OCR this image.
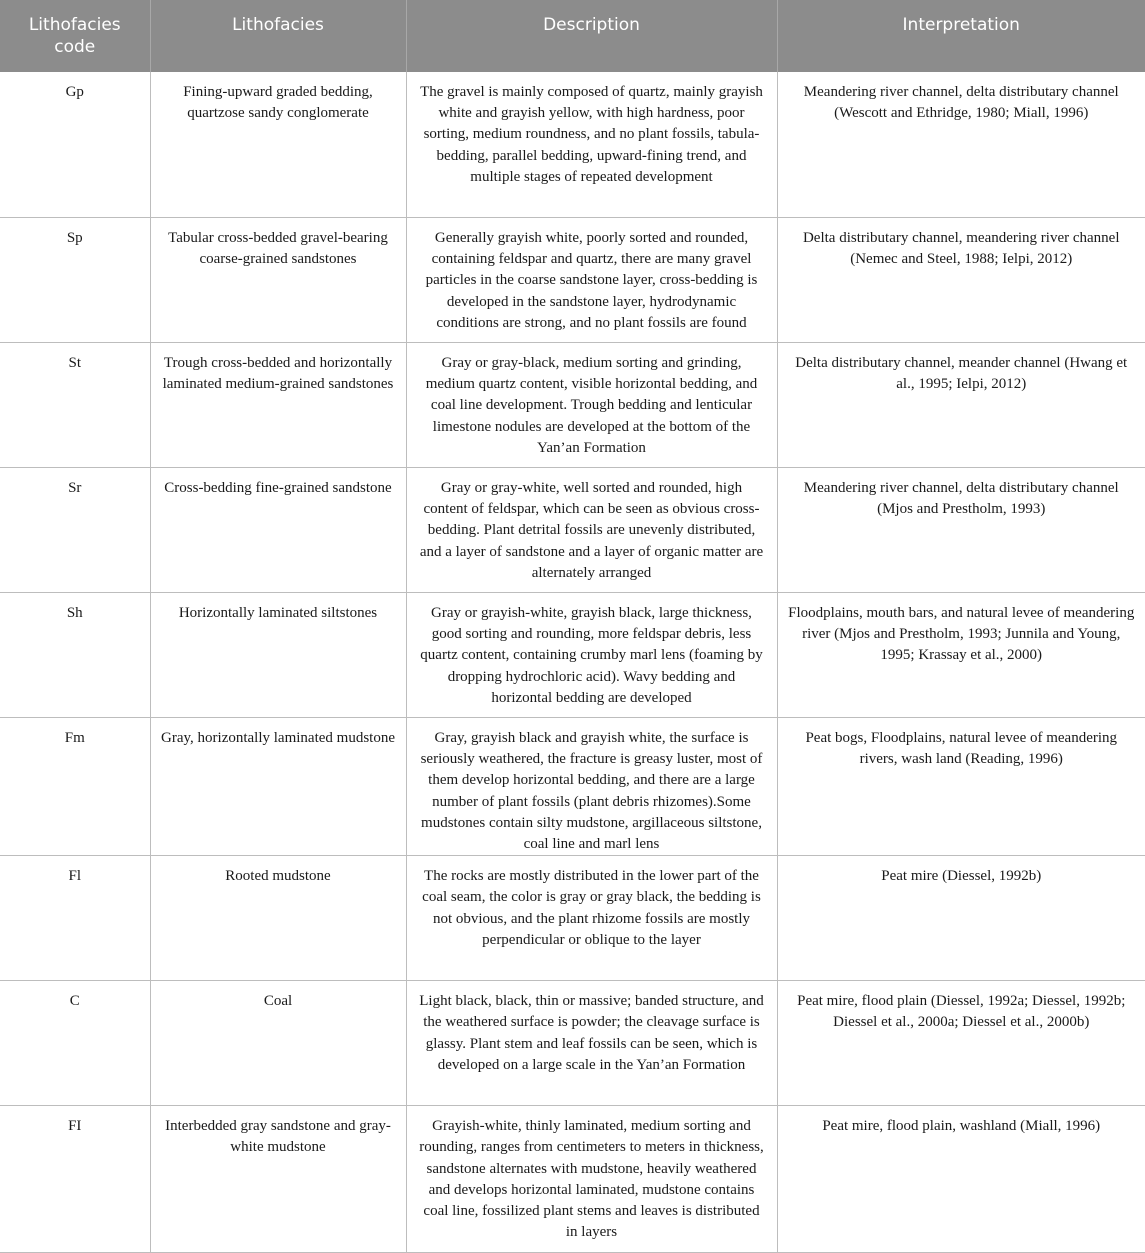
Lithofacies code	Lithofacies	Description	Interpretation
Gp	Fining-upward graded bedding, quartzose sandy conglomerate	The gravel is mainly composed of quartz, mainly grayish white and grayish yellow, with high hardness, poor sorting, medium roundness, and no plant fossils, tabula-bedding, parallel bedding, upward-fining trend, and multiple stages of repeated development	Meandering river channel, delta distributary channel (Wescott and Ethridge, 1980; Miall, 1996)
Sp	Tabular cross-bedded gravel-bearing coarse-grained sandstones	Generally grayish white, poorly sorted and rounded, containing feldspar and quartz, there are many gravel particles in the coarse sandstone layer, cross-bedding is developed in the sandstone layer, hydrodynamic conditions are strong, and no plant fossils are found	Delta distributary channel, meandering river channel (Nemec and Steel, 1988; Ielpi, 2012)
St	Trough cross-bedded and horizontally laminated medium-grained sandstones	Gray or gray-black, medium sorting and grinding, medium quartz content, visible horizontal bedding, and coal line development. Trough bedding and lenticular limestone nodules are developed at the bottom of the Yan’an Formation	Delta distributary channel, meander channel (Hwang et al., 1995; Ielpi, 2012)
Sr	Cross-bedding fine-grained sandstone	Gray or gray-white, well sorted and rounded, high content of feldspar, which can be seen as obvious cross-bedding. Plant detrital fossils are unevenly distributed, and a layer of sandstone and a layer of organic matter are alternately arranged	Meandering river channel, delta distributary channel (Mjos and Prestholm, 1993)
Sh	Horizontally laminated siltstones	Gray or grayish-white, grayish black, large thickness, good sorting and rounding, more feldspar debris, less quartz content, containing crumby marl lens (foaming by dropping hydrochloric acid). Wavy bedding and horizontal bedding are developed	Floodplains, mouth bars, and natural levee of meandering river (Mjos and Prestholm, 1993; Junnila and Young, 1995; Krassay et al., 2000)
Fm	Gray, horizontally laminated mudstone	Gray, grayish black and grayish white, the surface is seriously weathered, the fracture is greasy luster, most of them develop horizontal bedding, and there are a large number of plant fossils (plant debris rhizomes).Some mudstones contain silty mudstone, argillaceous siltstone, coal line and marl lens	Peat bogs, Floodplains, natural levee of meandering rivers, wash land (Reading, 1996)
Fl	Rooted mudstone	The rocks are mostly distributed in the lower part of the coal seam, the color is gray or gray black, the bedding is not obvious, and the plant rhizome fossils are mostly perpendicular or oblique to the layer	Peat mire (Diessel, 1992b)
C	Coal	Light black, black, thin or massive; banded structure, and the weathered surface is powder; the cleavage surface is glassy. Plant stem and leaf fossils can be seen, which is developed on a large scale in the Yan’an Formation	Peat mire, flood plain (Diessel, 1992a; Diessel, 1992b; Diessel et al., 2000a; Diessel et al., 2000b)
FI	Interbedded gray sandstone and gray-white mudstone	Grayish-white, thinly laminated, medium sorting and rounding, ranges from centimeters to meters in thickness, sandstone alternates with mudstone, heavily weathered and develops horizontal laminated, mudstone contains coal line, fossilized plant stems and leaves is distributed in layers	Peat mire, flood plain, washland (Miall, 1996)
